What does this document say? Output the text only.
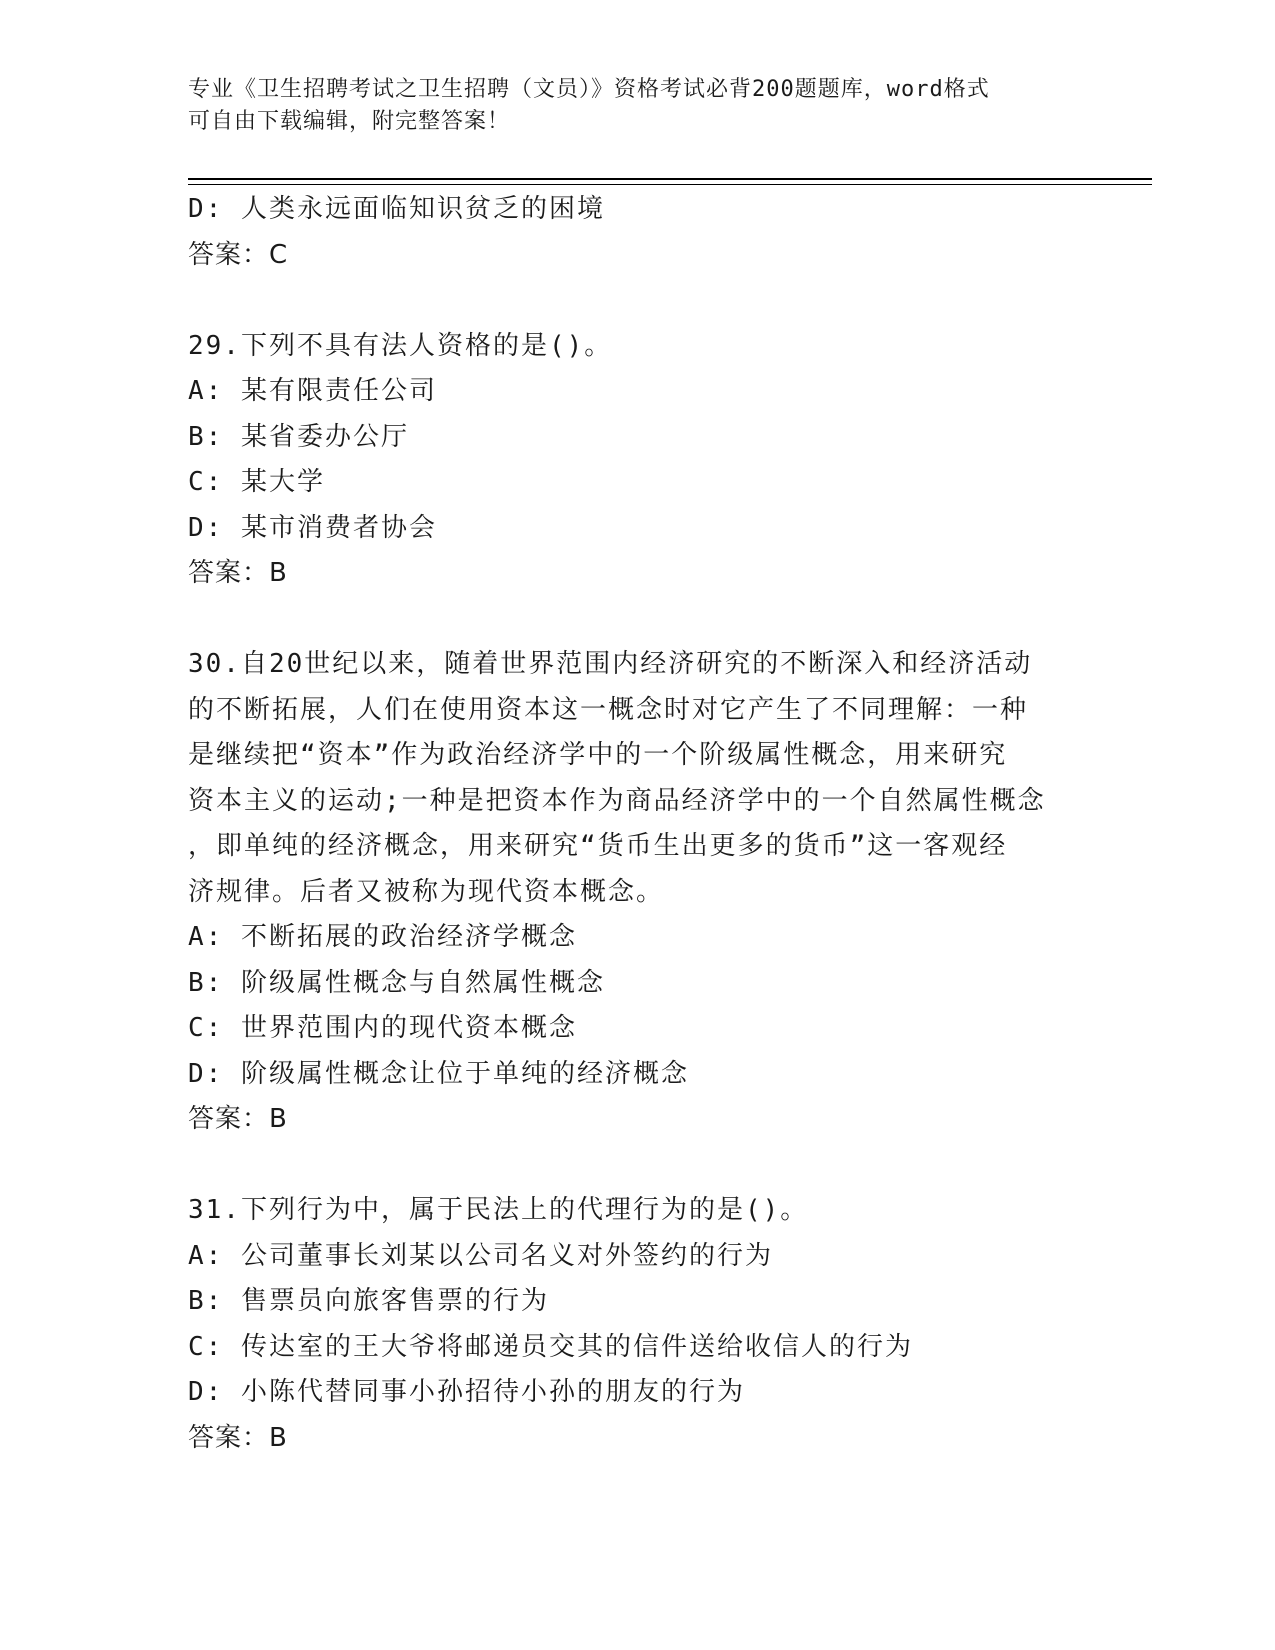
专业《卫生招聘考试之卫生招聘（文员）》资格考试必背200题题库，word格式
可自由下载编辑，附完整答案！
D: 人类永远面临知识贫乏的困境
答案：C
29.下列不具有法人资格的是()。
A: 某有限责任公司
B: 某省委办公厅
C: 某大学
D: 某市消费者协会
答案：B
30.自20世纪以来，随着世界范围内经济研究的不断深入和经济活动
的不断拓展，人们在使用资本这一概念时对它产生了不同理解：一种
是继续把“资本”作为政治经济学中的一个阶级属性概念，用来研究
资本主义的运动;一种是把资本作为商品经济学中的一个自然属性概念
，即单纯的经济概念，用来研究“货币生出更多的货币”这一客观经
济规律。后者又被称为现代资本概念。
A: 不断拓展的政治经济学概念
B: 阶级属性概念与自然属性概念
C: 世界范围内的现代资本概念
D: 阶级属性概念让位于单纯的经济概念
答案：B
31.下列行为中，属于民法上的代理行为的是()。
A: 公司董事长刘某以公司名义对外签约的行为
B: 售票员向旅客售票的行为
C: 传达室的王大爷将邮递员交其的信件送给收信人的行为
D: 小陈代替同事小孙招待小孙的朋友的行为
答案：B
